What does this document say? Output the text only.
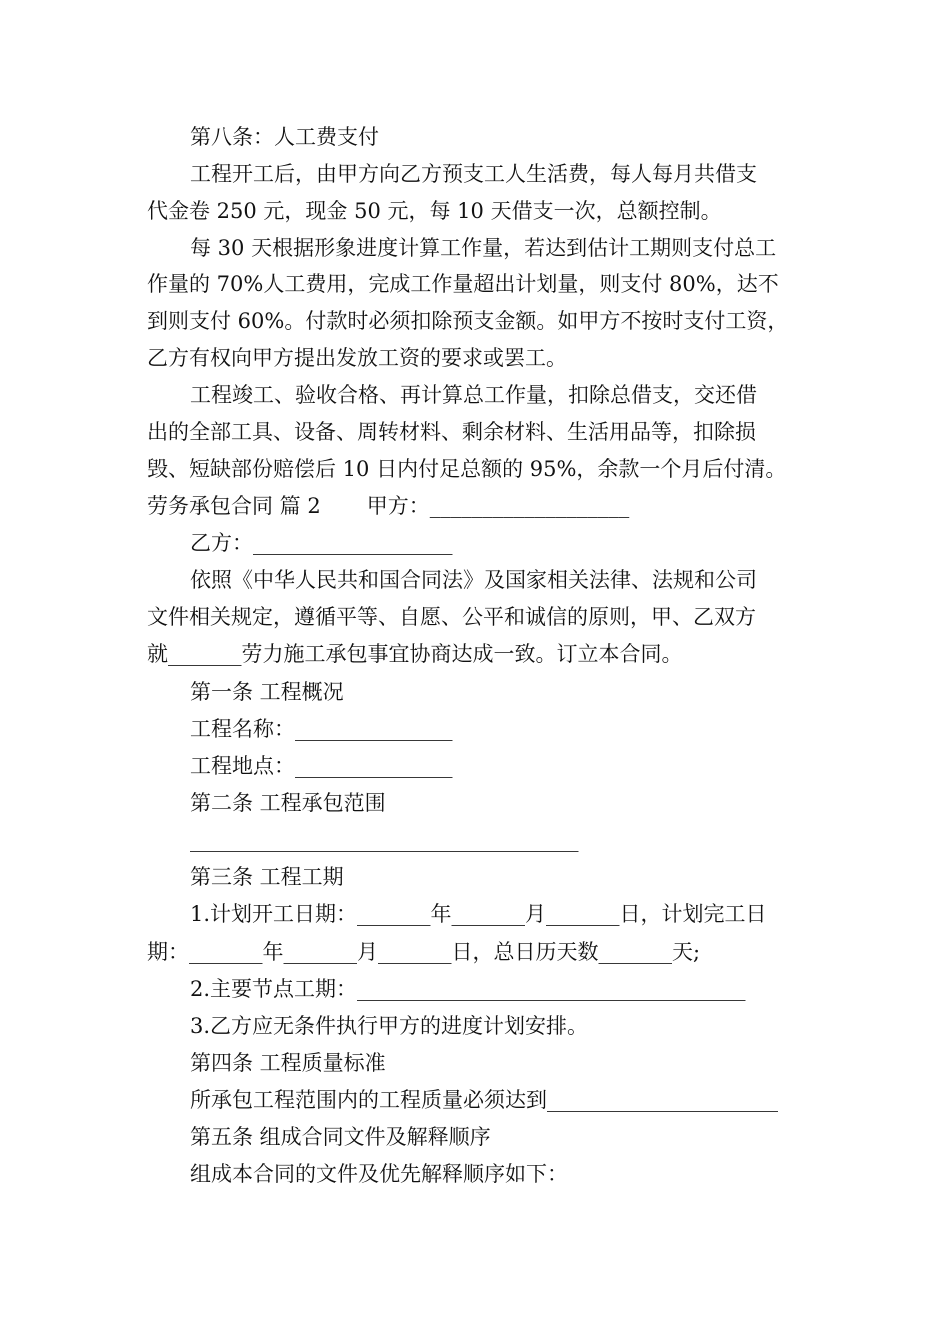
第八条：人工费支付
工程开工后，由甲方向乙方预支工人生活费，每人每月共借支
代金卷 250 元，现金 50 元，每 10 天借支一次，总额控制。
每 30 天根据形象进度计算工作量，若达到估计工期则支付总工
作量的 70%人工费用，完成工作量超出计划量，则支付 80%，达不
到则支付 60%。付款时必须扣除预支金额。如甲方不按时支付工资，
乙方有权向甲方提出发放工资的要求或罢工。
工程竣工、验收合格、再计算总工作量，扣除总借支，交还借
出的全部工具、设备、周转材料、剩余材料、生活用品等，扣除损
毁、短缺部份赔偿后 10 日内付足总额的 95%，余款一个月后付清。
劳务承包合同 篇 2 甲方：___________________
乙方：___________________
依照《中华人民共和国合同法》及国家相关法律、法规和公司
文件相关规定，遵循平等、自愿、公平和诚信的原则，甲、乙双方
就_______劳力施工承包事宜协商达成一致。订立本合同。
第一条 工程概况
工程名称：_______________
工程地点：_______________
第二条 工程承包范围
_____________________________________
第三条 工程工期
1.计划开工日期：_______年_______月_______日，计划完工日
期：_______年_______月_______日，总日历天数_______天;
2.主要节点工期：_____________________________________
3.乙方应无条件执行甲方的进度计划安排。
第四条 工程质量标准
所承包工程范围内的工程质量必须达到______________________
第五条 组成合同文件及解释顺序
组成本合同的文件及优先解释顺序如下：
